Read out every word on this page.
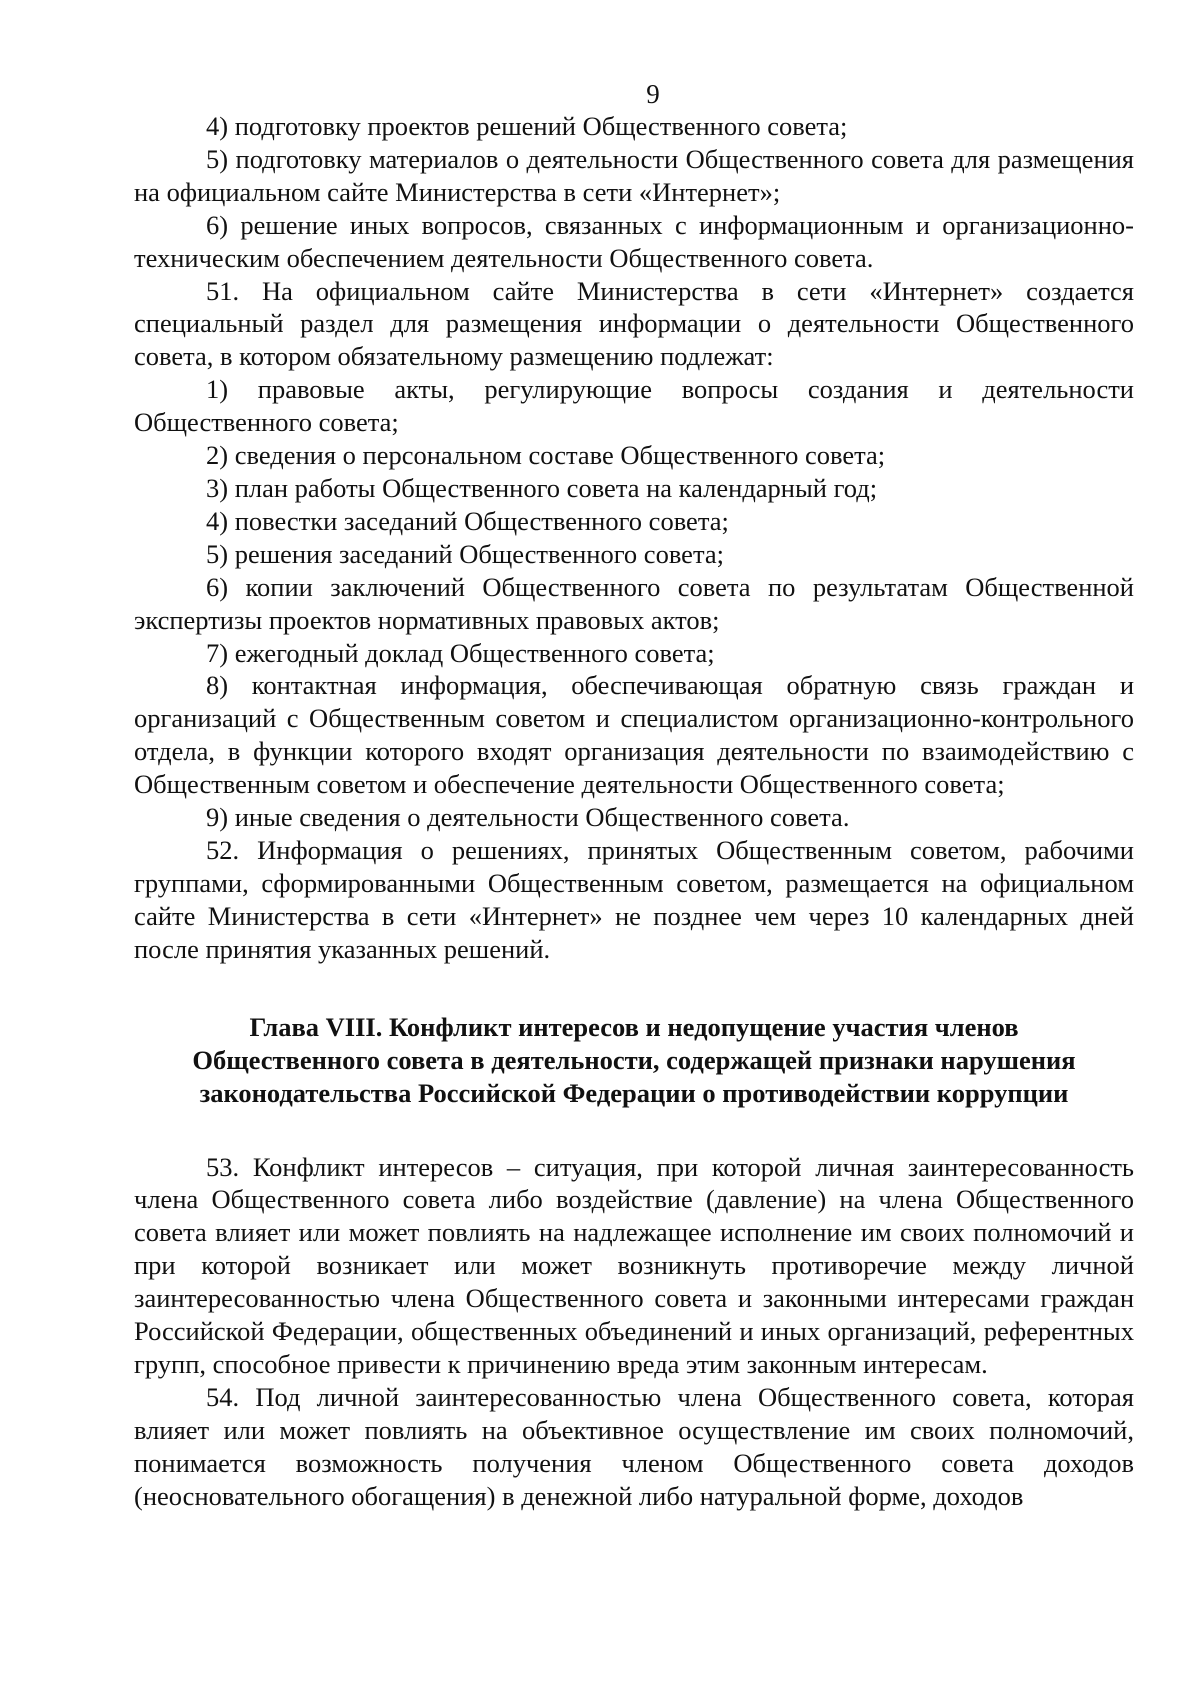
9

4) подготовку проектов решений Общественного совета;

5) подготовку материалов о деятельности Общественного совета для размещения на официальном сайте Министерства в сети «Интернет»;

6) решение иных вопросов, связанных с информационным и организационно-техническим обеспечением деятельности Общественного совета.

51. На официальном сайте Министерства в сети «Интернет» создается специальный раздел для размещения информации о деятельности Общественного совета, в котором обязательному размещению подлежат:

1) правовые акты, регулирующие вопросы создания и деятельности Общественного совета;

2) сведения о персональном составе Общественного совета;

3) план работы Общественного совета на календарный год;

4) повестки заседаний Общественного совета;

5) решения заседаний Общественного совета;

6) копии заключений Общественного совета по результатам Общественной экспертизы проектов нормативных правовых актов;

7) ежегодный доклад Общественного совета;

8) контактная информация, обеспечивающая обратную связь граждан и организаций с Общественным советом и специалистом организационно-контрольного отдела, в функции которого входят организация деятельности по взаимодействию с Общественным советом и обеспечение деятельности Общественного совета;

9) иные сведения о деятельности Общественного совета.

52. Информация о решениях, принятых Общественным советом, рабочими группами, сформированными Общественным советом, размещается на официальном сайте Министерства в сети «Интернет» не позднее чем через 10 календарных дней после принятия указанных решений.

Глава VIII. Конфликт интересов и недопущение участия членов
Общественного совета в деятельности, содержащей признаки нарушения
законодательства Российской Федерации о противодействии коррупции

53. Конфликт интересов – ситуация, при которой личная заинтересованность члена Общественного совета либо воздействие (давление) на члена Общественного совета влияет или может повлиять на надлежащее исполнение им своих полномочий и при которой возникает или может возникнуть противоречие между личной заинтересованностью члена Общественного совета и законными интересами граждан Российской Федерации, общественных объединений и иных организаций, референтных групп, способное привести к причинению вреда этим законным интересам.

54. Под личной заинтересованностью члена Общественного совета, которая влияет или может повлиять на объективное осуществление им своих полномочий, понимается возможность получения членом Общественного совета доходов (неосновательного обогащения) в денежной либо натуральной форме, доходов
